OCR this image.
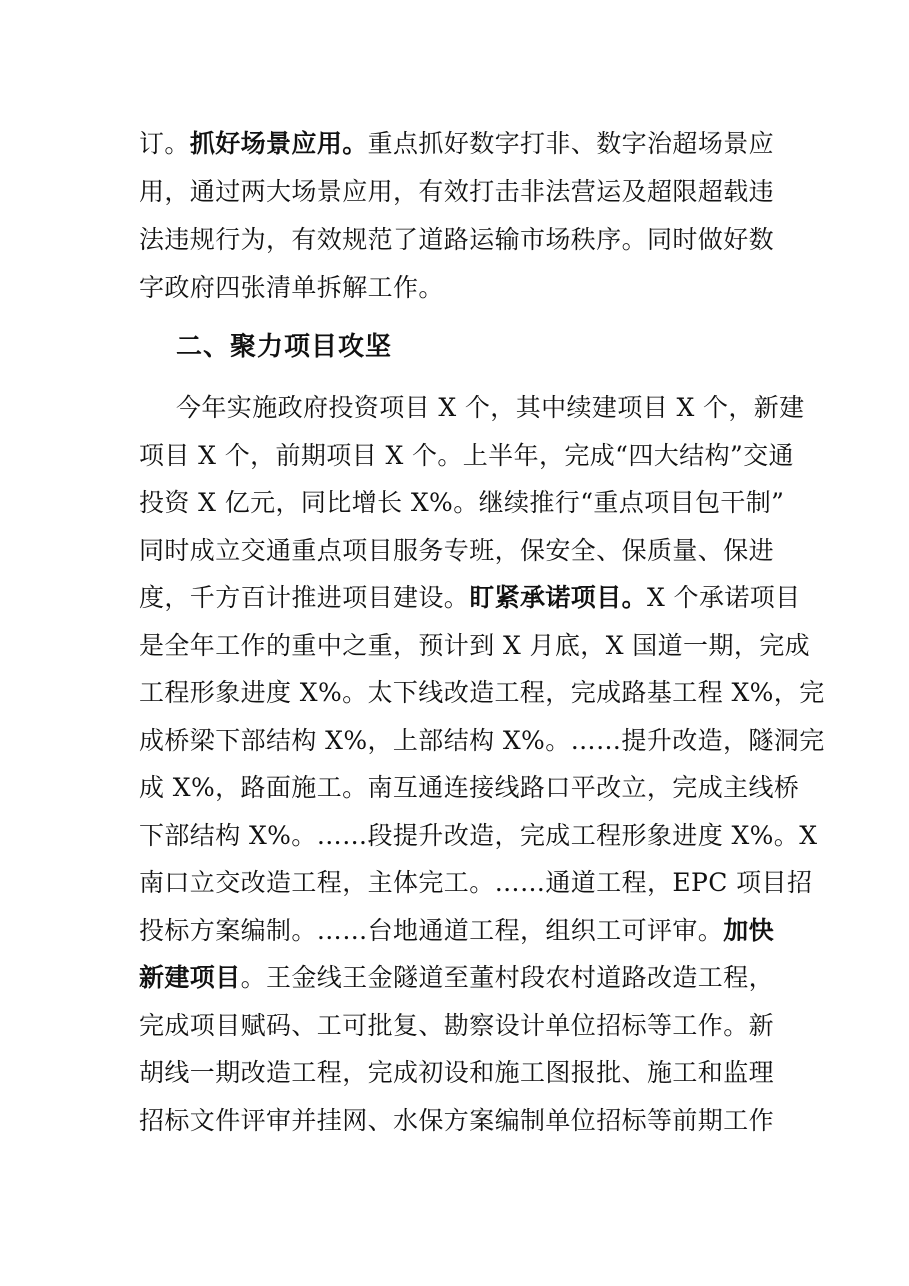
订。抓好场景应用。重点抓好数字打非、数字治超场景应
用，通过两大场景应用，有效打击非法营运及超限超载违
法违规行为，有效规范了道路运输市场秩序。同时做好数
字政府四张清单拆解工作。
二、聚力项目攻坚
今年实施政府投资项目 X 个，其中续建项目 X 个，新建
项目 X 个，前期项目 X 个。上半年，完成“四大结构”交通
投资 X 亿元，同比增长 X%。继续推行“重点项目包干制”
同时成立交通重点项目服务专班，保安全、保质量、保进
度，千方百计推进项目建设。盯紧承诺项目。X 个承诺项目
是全年工作的重中之重，预计到 X 月底，X 国道一期，完成
工程形象进度 X%。太下线改造工程，完成路基工程 X%，完
成桥梁下部结构 X%，上部结构 X%。……提升改造，隧洞完
成 X%，路面施工。南互通连接线路口平改立，完成主线桥
下部结构 X%。……段提升改造，完成工程形象进度 X%。X
南口立交改造工程，主体完工。……通道工程，EPC 项目招
投标方案编制。……台地通道工程，组织工可评审。加快
新建项目。王金线王金隧道至董村段农村道路改造工程，
完成项目赋码、工可批复、勘察设计单位招标等工作。新
胡线一期改造工程，完成初设和施工图报批、施工和监理
招标文件评审并挂网、水保方案编制单位招标等前期工作
